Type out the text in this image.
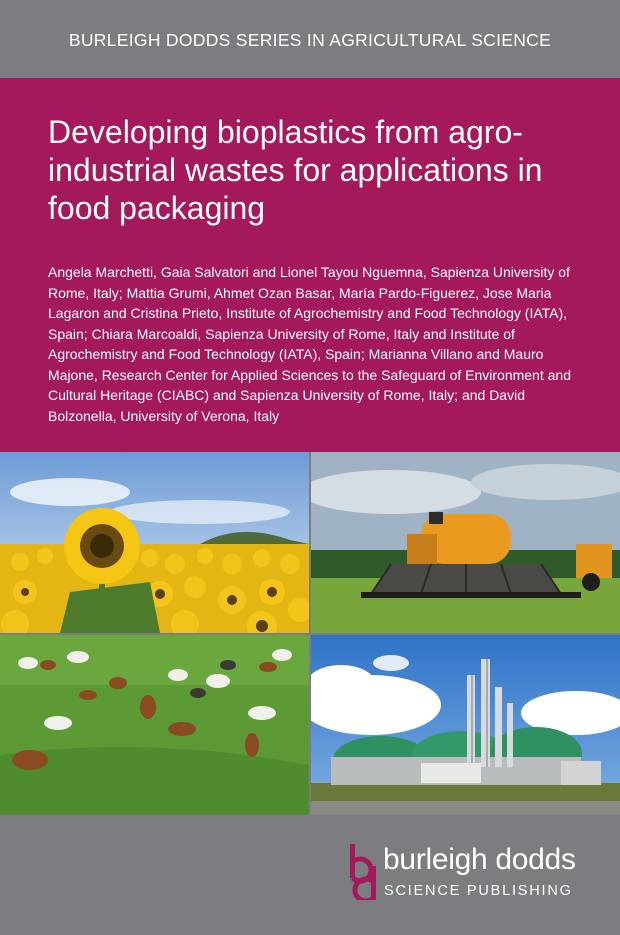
BURLEIGH DODDS SERIES IN AGRICULTURAL SCIENCE
Developing bioplastics from agro-industrial wastes for applications in food packaging

Angela Marchetti, Gaia Salvatori and Lionel Tayou Nguemna, Sapienza University of Rome, Italy; Mattia Grumi, Ahmet Ozan Basar, María Pardo-Figuerez, Jose Maria Lagaron and Cristina Prieto, Institute of Agrochemistry and Food Technology (IATA), Spain; Chiara Marcoaldi, Sapienza University of Rome, Italy and Institute of Agrochemistry and Food Technology (IATA), Spain; Marianna Villano and Mauro Majone, Research Center for Applied Sciences to the Safeguard of Environment and Cultural Heritage (CIABC) and Sapienza University of Rome, Italy; and David Bolzonella, University of Verona, Italy

burleigh dodds
SCIENCE PUBLISHING
